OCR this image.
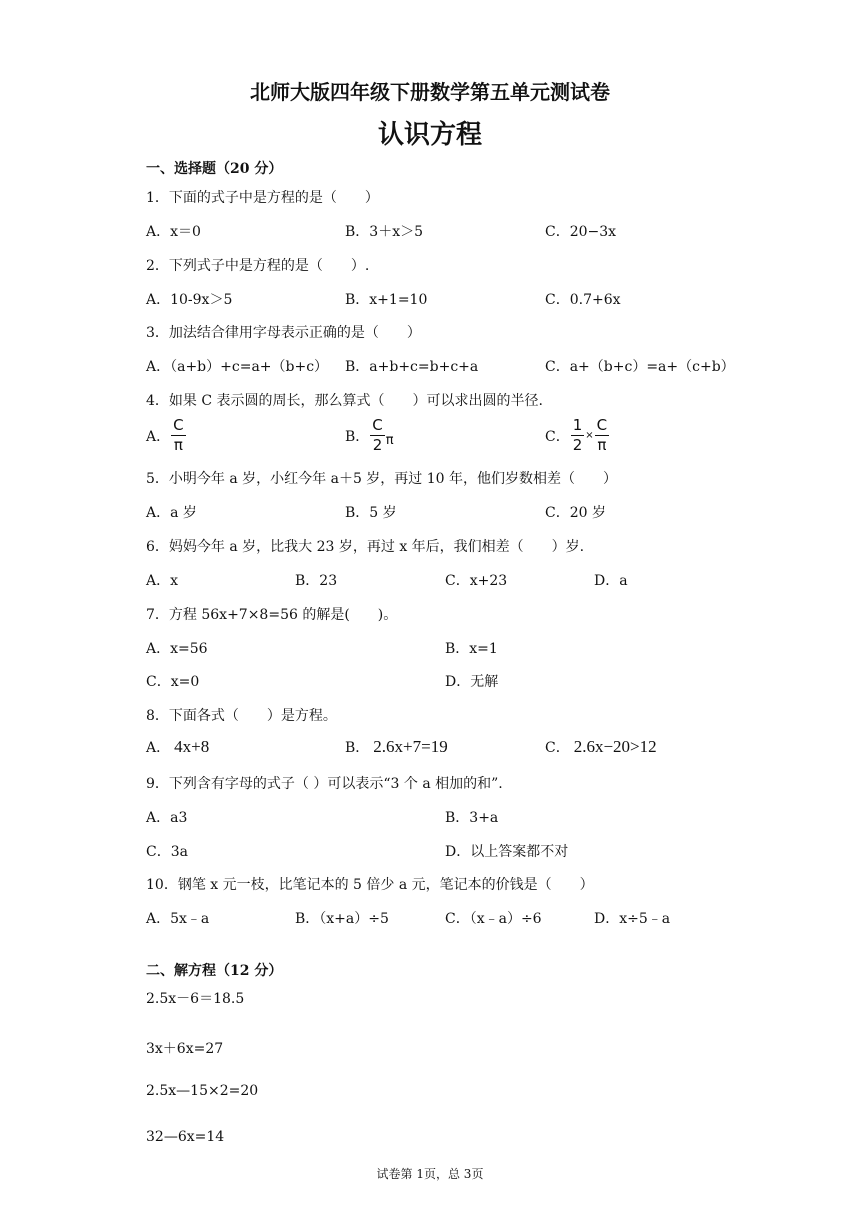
北师大版四年级下册数学第五单元测试卷
认识方程
一、选择题（20 分）
1．下面的式子中是方程的是（　　）
A．x＝0	B．3＋x＞5	C．20−3x
2．下列式子中是方程的是（　　）.
A．10-9x＞5	B．x+1=10	C．0.7+6x
3．加法结合律用字母表示正确的是（　　）
A．（a+b）+c=a+（b+c） B．a+b+c=b+c+a	C．a+（b+c）=a+（c+b）
4．如果 C 表示圆的周长，那么算式（　　）可以求出圆的半径.
A． $\frac{C}{\pi}$	B． $\frac{C}{2}$ π	C． $\frac{1}{2} \times \frac{C}{\pi}$
5．小明今年 a 岁，小红今年 a＋5 岁，再过 10 年，他们岁数相差（　　）
A．a 岁	B．5 岁	C．20 岁
6．妈妈今年 a 岁，比我大 23 岁，再过 x 年后，我们相差（　　）岁.
A．x	B．23	C．x+23	D．a
7．方程 56x+7×8=56 的解是(　　)。
A．x=56	B．x=1
C．x=0	D．无解
8．下面各式（　　）是方程。
A． 4x+8	B． 2.6x+7=19	C． 2.6x−20>12
9．下列含有字母的式子（ ）可以表示“3 个 a 相加的和”.
A．a3	B．3+a
C．3a	D．以上答案都不对
10．钢笔 x 元一枝，比笔记本的 5 倍少 a 元，笔记本的价钱是（　　）
A．5x﹣a	B．（x+a）÷5	C．（x﹣a）÷6	D．x÷5﹣a
二、解方程（12 分）
2.5x－6＝18.5
3x＋6x=27
2.5x—15×2=20
32—6x=14
试卷第 1页，总 3页
